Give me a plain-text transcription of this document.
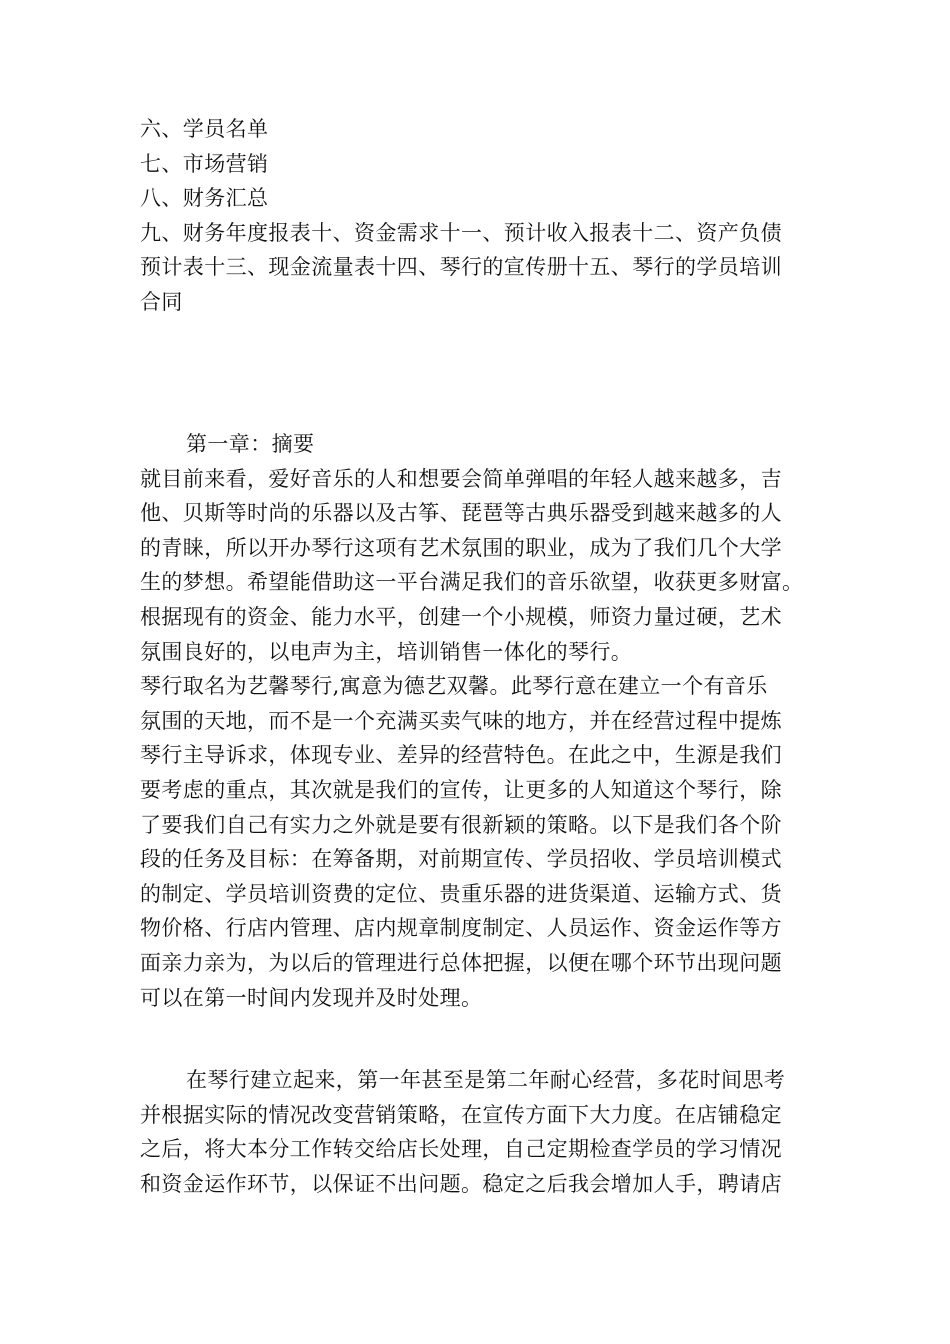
六、学员名单
七、市场营销
八、财务汇总
九、财务年度报表十、资金需求十一、预计收入报表十二、资产负债
预计表十三、现金流量表十四、琴行的宣传册十五、琴行的学员培训
合同
第一章：摘要
就目前来看，爱好音乐的人和想要会简单弹唱的年轻人越来越多，吉
他、贝斯等时尚的乐器以及古筝、琵琶等古典乐器受到越来越多的人
的青睐，所以开办琴行这项有艺术氛围的职业，成为了我们几个大学
生的梦想。希望能借助这一平台满足我们的音乐欲望，收获更多财富。
根据现有的资金、能力水平，创建一个小规模，师资力量过硬，艺术
氛围良好的，以电声为主，培训销售一体化的琴行。
琴行取名为艺馨琴行,寓意为德艺双馨。此琴行意在建立一个有音乐
氛围的天地，而不是一个充满买卖气味的地方，并在经营过程中提炼
琴行主导诉求，体现专业、差异的经营特色。在此之中，生源是我们
要考虑的重点，其次就是我们的宣传，让更多的人知道这个琴行，除
了要我们自己有实力之外就是要有很新颖的策略。以下是我们各个阶
段的任务及目标：在筹备期，对前期宣传、学员招收、学员培训模式
的制定、学员培训资费的定位、贵重乐器的进货渠道、运输方式、货
物价格、行店内管理、店内规章制度制定、人员运作、资金运作等方
面亲力亲为，为以后的管理进行总体把握，以便在哪个环节出现问题
可以在第一时间内发现并及时处理。
在琴行建立起来，第一年甚至是第二年耐心经营，多花时间思考
并根据实际的情况改变营销策略，在宣传方面下大力度。在店铺稳定
之后，将大本分工作转交给店长处理，自己定期检查学员的学习情况
和资金运作环节，以保证不出问题。稳定之后我会增加人手，聘请店
